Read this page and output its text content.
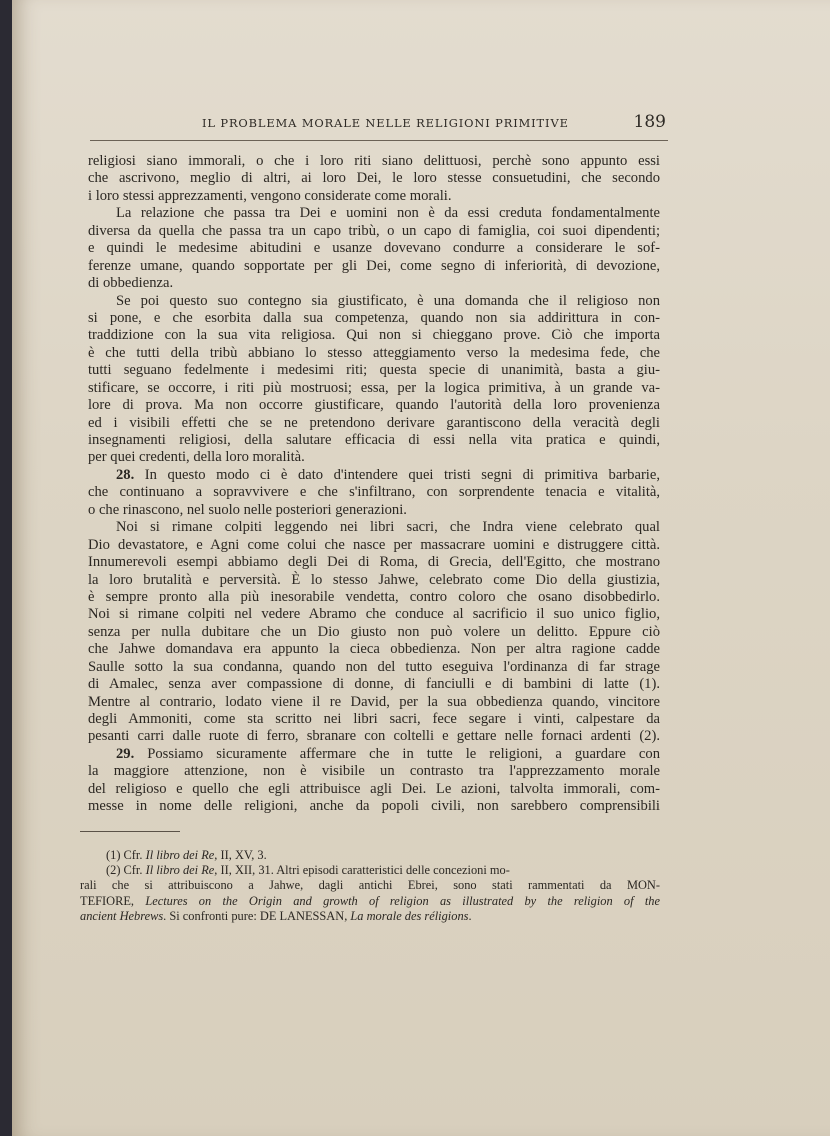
IL PROBLEMA MORALE NELLE RELIGIONI PRIMITIVE	189
religiosi siano immorali, o che i loro riti siano delittuosi, perchè sono appunto essi
che ascrivono, meglio di altri, ai loro Dei, le loro stesse consuetudini, che secondo
i loro stessi apprezzamenti, vengono considerate come morali.
La relazione che passa tra Dei e uomini non è da essi creduta fondamentalmente
diversa da quella che passa tra un capo tribù, o un capo di famiglia, coi suoi dipendenti;
e quindi le medesime abitudini e usanze dovevano condurre a considerare le sof-
ferenze umane, quando sopportate per gli Dei, come segno di inferiorità, di devozione,
di obbedienza.
Se poi questo suo contegno sia giustificato, è una domanda che il religioso non
si pone, e che esorbita dalla sua competenza, quando non sia addirittura in con-
traddizione con la sua vita religiosa. Qui non si chieggano prove. Ciò che importa
è che tutti della tribù abbiano lo stesso atteggiamento verso la medesima fede, che
tutti seguano fedelmente i medesimi riti; questa specie di unanimità, basta a giu-
stificare, se occorre, i riti più mostruosi; essa, per la logica primitiva, à un grande va-
lore di prova. Ma non occorre giustificare, quando l'autorità della loro provenienza
ed i visibili effetti che se ne pretendono derivare garantiscono della veracità degli
insegnamenti religiosi, della salutare efficacia di essi nella vita pratica e quindi,
per quei credenti, della loro moralità.
28. In questo modo ci è dato d'intendere quei tristi segni di primitiva barbarie,
che continuano a sopravvivere e che s'infiltrano, con sorprendente tenacia e vitalità,
o che rinascono, nel suolo nelle posteriori generazioni.
Noi si rimane colpiti leggendo nei libri sacri, che Indra viene celebrato qual
Dio devastatore, e Agni come colui che nasce per massacrare uomini e distruggere città.
Innumerevoli esempi abbiamo degli Dei di Roma, di Grecia, dell'Egitto, che mostrano
la loro brutalità e perversità. È lo stesso Jahwe, celebrato come Dio della giustizia,
è sempre pronto alla più inesorabile vendetta, contro coloro che osano disobbedirlo.
Noi si rimane colpiti nel vedere Abramo che conduce al sacrificio il suo unico figlio,
senza per nulla dubitare che un Dio giusto non può volere un delitto. Eppure ciò
che Jahwe domandava era appunto la cieca obbedienza. Non per altra ragione cadde
Saulle sotto la sua condanna, quando non del tutto eseguiva l'ordinanza di far strage
di Amalec, senza aver compassione di donne, di fanciulli e di bambini di latte (1).
Mentre al contrario, lodato viene il re David, per la sua obbedienza quando, vincitore
degli Ammoniti, come sta scritto nei libri sacri, fece segare i vinti, calpestare da
pesanti carri dalle ruote di ferro, sbranare con coltelli e gettare nelle fornaci ardenti (2).
29. Possiamo sicuramente affermare che in tutte le religioni, a guardare con
la maggiore attenzione, non è visibile un contrasto tra l'apprezzamento morale
del religioso e quello che egli attribuisce agli Dei. Le azioni, talvolta immorali, com-
messe in nome delle religioni, anche da popoli civili, non sarebbero comprensibili
(1) Cfr. Il libro dei Re, II, XV, 3.
(2) Cfr. Il libro dei Re, II, XII, 31. Altri episodi caratteristici delle concezioni mo-
rali che si attribuiscono a Jahwe, dagli antichi Ebrei, sono stati rammentati da MON-
TEFIORE, Lectures on the Origin and growth of religion as illustrated by the religion of the
ancient Hebrews. Si confronti pure: DE LANESSAN, La morale des réligions.
